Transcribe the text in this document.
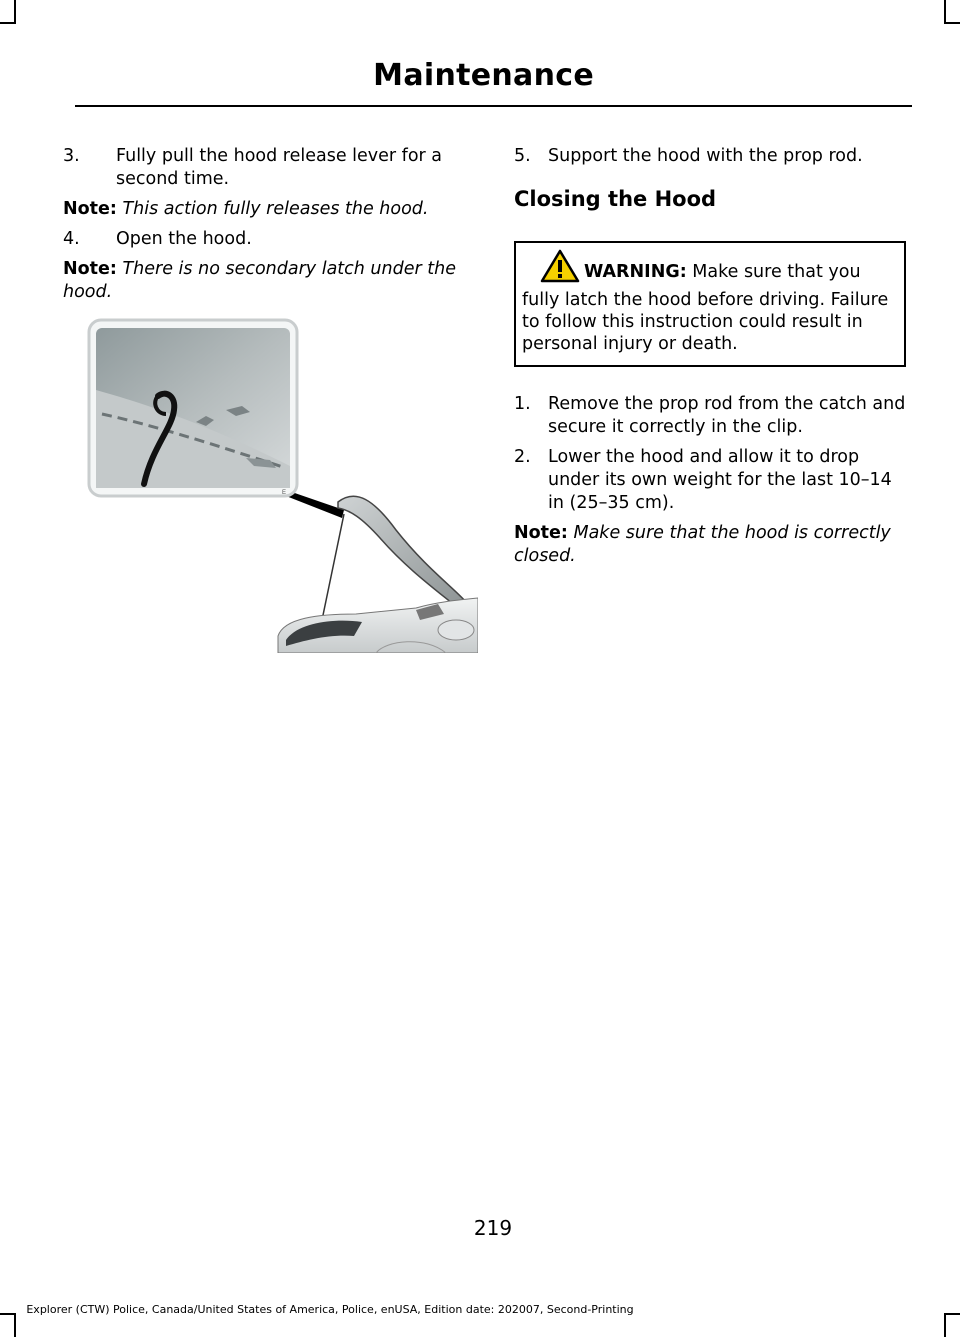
Maintenance
3.	Fully pull the hood release lever for a second time.
Note: This action fully releases the hood.
4.	Open the hood.
Note: There is no secondary latch under the hood.
E
5. Support the hood with the prop rod.
Closing the Hood
WARNING: Make sure that you fully latch the hood before driving. Failure to follow this instruction could result in personal injury or death.
1. Remove the prop rod from the catch and secure it correctly in the clip.
2. Lower the hood and allow it to drop under its own weight for the last 10–14 in (25–35 cm).
Note: Make sure that the hood is correctly closed.
219
Explorer (CTW) Police, Canada/United States of America, Police, enUSA, Edition date: 202007, Second-Printing
